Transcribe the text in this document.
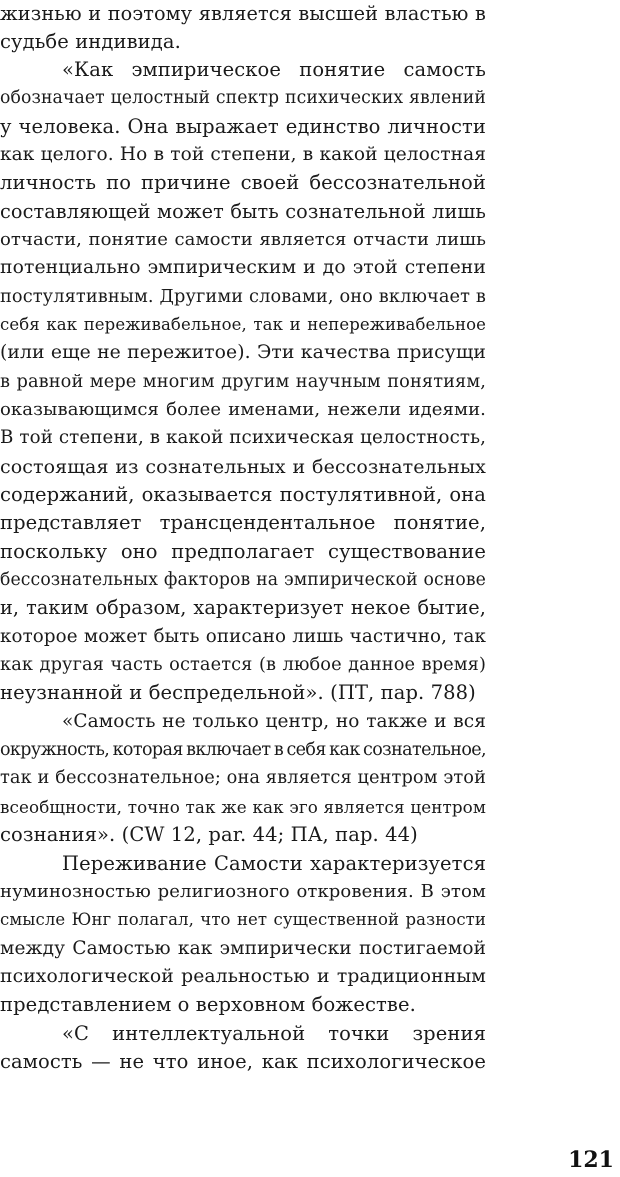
жизнью и поэтому является высшей властью в
судьбе индивида.
«Как эмпирическое понятие самость
обозначает целостный спектр психических явлений
у человека. Она выражает единство личности
как целого. Но в той степени, в какой целостная
личность по причине своей бессознательной
составляющей может быть сознательной лишь
отчасти, понятие самости является отчасти лишь
потенциально эмпирическим и до этой степени
постулятивным. Другими словами, оно включает в
себя как переживабельное, так и непереживабельное
(или еще не пережитое). Эти качества присущи
в равной мере многим другим научным понятиям,
оказывающимся более именами, нежели идеями.
В той степени, в какой психическая целостность,
состоящая из сознательных и бессознательных
содержаний, оказывается постулятивной, она
представляет трансцендентальное понятие,
поскольку оно предполагает существование
бессознательных факторов на эмпирической основе
и, таким образом, характеризует некое бытие,
которое может быть описано лишь частично, так
как другая часть остается (в любое данное время)
неузнанной и беспредельной». (ПТ, пар. 788)
«Самость не только центр, но также и вся
окружность, которая включает в себя как сознательное,
так и бессознательное; она является центром этой
всеобщности, точно так же как эго является центром
сознания». (CW 12, par. 44; ПА, пар. 44)
Переживание Самости характеризуется
нуминозностью религиозного откровения. В этом
смысле Юнг полагал, что нет существенной разности
между Самостью как эмпирически постигаемой
психологической реальностью и традиционным
представлением о верховном божестве.
«С интеллектуальной точки зрения
самость — не что иное, как психологическое
121
